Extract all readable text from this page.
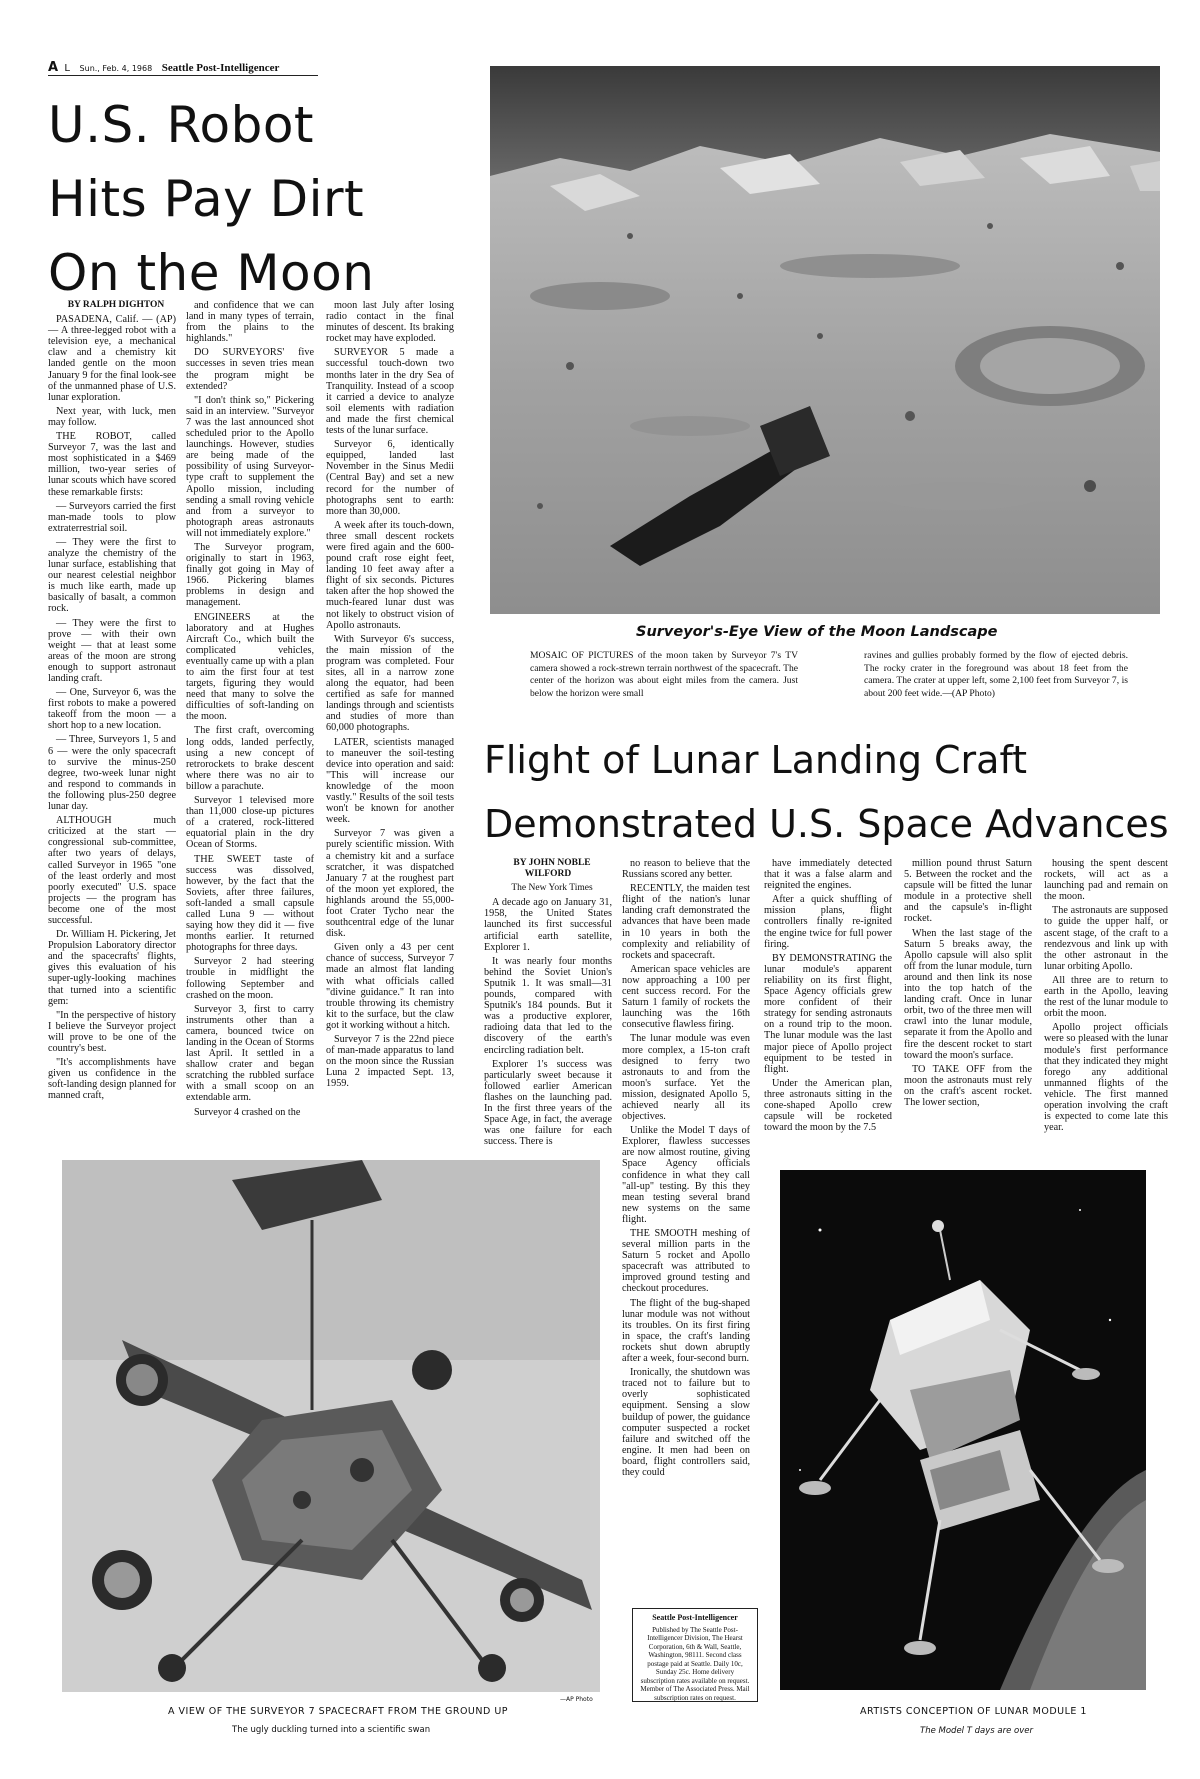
A L Sun., Feb. 4, 1968 Seattle Post-Intelligencer
U.S. Robot
Hits Pay Dirt
On the Moon

BY RALPH DIGHTON

PASADENA, Calif. — (AP) — A three-legged robot with a television eye, a mechanical claw and a chemistry kit landed gentle on the moon January 9 for the final look-see of the unmanned phase of U.S. lunar exploration.

Next year, with luck, men may follow.

THE ROBOT, called Surveyor 7, was the last and most sophisticated in a $469 million, two-year series of lunar scouts which have scored these remarkable firsts:

— Surveyors carried the first man-made tools to plow extraterrestrial soil.

— They were the first to analyze the chemistry of the lunar surface, establishing that our nearest celestial neighbor is much like earth, made up basically of basalt, a common rock.

— They were the first to prove — with their own weight — that at least some areas of the moon are strong enough to support astronaut landing craft.

— One, Surveyor 6, was the first robots to make a powered takeoff from the moon — a short hop to a new location.

— Three, Surveyors 1, 5 and 6 — were the only spacecraft to survive the minus-250 degree, two-week lunar night and respond to commands in the following plus-250 degree lunar day.

ALTHOUGH much criticized at the start — congressional sub-committee, after two years of delays, called Surveyor in 1965 "one of the least orderly and most poorly executed" U.S. space projects — the program has become one of the most successful.

Dr. William H. Pickering, Jet Propulsion Laboratory director and the spacecrafts' flights, gives this evaluation of his super-ugly-looking machines that turned into a scientific gem:

"In the perspective of history I believe the Surveyor project will prove to be one of the country's best.

"It's accomplishments have given us confidence in the soft-landing design planned for manned craft,

and confidence that we can land in many types of terrain, from the plains to the highlands."

DO SURVEYORS' five successes in seven tries mean the program might be extended?

"I don't think so," Pickering said in an interview. "Surveyor 7 was the last announced shot scheduled prior to the Apollo launchings. However, studies are being made of the possibility of using Surveyor-type craft to supplement the Apollo mission, including sending a small roving vehicle and from a surveyor to photograph areas astronauts will not immediately explore."

The Surveyor program, originally to start in 1963, finally got going in May of 1966. Pickering blames problems in design and management.

ENGINEERS at the laboratory and at Hughes Aircraft Co., which built the complicated vehicles, eventually came up with a plan to aim the first four at test targets, figuring they would need that many to solve the difficulties of soft-landing on the moon.

The first craft, overcoming long odds, landed perfectly, using a new concept of retrorockets to brake descent where there was no air to billow a parachute.

Surveyor 1 televised more than 11,000 close-up pictures of a cratered, rock-littered equatorial plain in the dry Ocean of Storms.

THE SWEET taste of success was dissolved, however, by the fact that the Soviets, after three failures, soft-landed a small capsule called Luna 9 — without saying how they did it — five months earlier. It returned photographs for three days.

Surveyor 2 had steering trouble in midflight the following September and crashed on the moon.

Surveyor 3, first to carry instruments other than a camera, bounced twice on landing in the Ocean of Storms last April. It settled in a shallow crater and began scratching the rubbled surface with a small scoop on an extendable arm.

Surveyor 4 crashed on the

moon last July after losing radio contact in the final minutes of descent. Its braking rocket may have exploded.

SURVEYOR 5 made a successful touch-down two months later in the dry Sea of Tranquility. Instead of a scoop it carried a device to analyze soil elements with radiation and made the first chemical tests of the lunar surface.

Surveyor 6, identically equipped, landed last November in the Sinus Medii (Central Bay) and set a new record for the number of photographs sent to earth: more than 30,000.

A week after its touch-down, three small descent rockets were fired again and the 600-pound craft rose eight feet, landing 10 feet away after a flight of six seconds. Pictures taken after the hop showed the much-feared lunar dust was not likely to obstruct vision of Apollo astronauts.

With Surveyor 6's success, the main mission of the program was completed. Four sites, all in a narrow zone along the equator, had been certified as safe for manned landings through and scientists and studies of more than 60,000 photographs.

LATER, scientists managed to maneuver the soil-testing device into operation and said: "This will increase our knowledge of the moon vastly." Results of the soil tests won't be known for another week.

Surveyor 7 was given a purely scientific mission. With a chemistry kit and a surface scratcher, it was dispatched January 7 at the roughest part of the moon yet explored, the highlands around the 55,000-foot Crater Tycho near the southcentral edge of the lunar disk.

Given only a 43 per cent chance of success, Surveyor 7 made an almost flat landing with what officials called "divine guidance." It ran into trouble throwing its chemistry kit to the surface, but the claw got it working without a hitch.

Surveyor 7 is the 22nd piece of man-made apparatus to land on the moon since the Russian Luna 2 impacted Sept. 13, 1959.

Surveyor's-Eye View of the Moon Landscape
MOSAIC OF PICTURES of the moon taken by Surveyor 7's TV camera showed a rock-strewn terrain northwest of the spacecraft. The center of the horizon was about eight miles from the camera. Just below the horizon were small
ravines and gullies probably formed by the flow of ejected debris. The rocky crater in the foreground was about 18 feet from the camera. The crater at upper left, some 2,100 feet from Surveyor 7, is about 200 feet wide.—(AP Photo)
Flight of Lunar Landing Craft
Demonstrated U.S. Space Advances

BY JOHN NOBLE WILFORD

The New York Times

A decade ago on January 31, 1958, the United States launched its first successful artificial earth satellite, Explorer 1.

It was nearly four months behind the Soviet Union's Sputnik 1. It was small—31 pounds, compared with Sputnik's 184 pounds. But it was a productive explorer, radioing data that led to the discovery of the earth's encircling radiation belt.

Explorer 1's success was particularly sweet because it followed earlier American flashes on the launching pad. In the first three years of the Space Age, in fact, the average was one failure for each success. There is

no reason to believe that the Russians scored any better.

RECENTLY, the maiden test flight of the nation's lunar landing craft demonstrated the advances that have been made in 10 years in both the complexity and reliability of rockets and spacecraft.

American space vehicles are now approaching a 100 per cent success record. For the Saturn 1 family of rockets the launching was the 16th consecutive flawless firing.

The lunar module was even more complex, a 15-ton craft designed to ferry two astronauts to and from the moon's surface. Yet the mission, designated Apollo 5, achieved nearly all its objectives.

Unlike the Model T days of Explorer, flawless successes are now almost routine, giving Space Agency officials confidence in what they call "all-up" testing. By this they mean testing several brand new systems on the same flight.

THE SMOOTH meshing of several million parts in the Saturn 5 rocket and Apollo spacecraft was attributed to improved ground testing and checkout procedures.

The flight of the bug-shaped lunar module was not without its troubles. On its first firing in space, the craft's landing rockets shut down abruptly after a week, four-second burn.

Ironically, the shutdown was traced not to failure but to overly sophisticated equipment. Sensing a slow buildup of power, the guidance computer suspected a rocket failure and switched off the engine. It men had been on board, flight controllers said, they could

have immediately detected that it was a false alarm and reignited the engines.

After a quick shuffling of mission plans, flight controllers finally re-ignited the engine twice for full power firing.

BY DEMONSTRATING the lunar module's apparent reliability on its first flight, Space Agency officials grew more confident of their strategy for sending astronauts on a round trip to the moon. The lunar module was the last major piece of Apollo project equipment to be tested in flight.

Under the American plan, three astronauts sitting in the cone-shaped Apollo crew capsule will be rocketed toward the moon by the 7.5

million pound thrust Saturn 5. Between the rocket and the capsule will be fitted the lunar module in a protective shell and the capsule's in-flight rocket.

When the last stage of the Saturn 5 breaks away, the Apollo capsule will also split off from the lunar module, turn around and then link its nose into the top hatch of the landing craft. Once in lunar orbit, two of the three men will crawl into the lunar module, separate it from the Apollo and fire the descent rocket to start toward the moon's surface.

TO TAKE OFF from the moon the astronauts must rely on the craft's ascent rocket. The lower section,

housing the spent descent rockets, will act as a launching pad and remain on the moon.

The astronauts are supposed to guide the upper half, or ascent stage, of the craft to a rendezvous and link up with the other astronaut in the lunar orbiting Apollo.

All three are to return to earth in the Apollo, leaving the rest of the lunar module to orbit the moon.

Apollo project officials were so pleased with the lunar module's first performance that they indicated they might forego any additional unmanned flights of the vehicle. The first manned operation involving the craft is expected to come late this year.

—AP Photo
A VIEW OF THE SURVEYOR 7 SPACECRAFT FROM THE GROUND UP
The ugly duckling turned into a scientific swan
ARTISTS CONCEPTION OF LUNAR MODULE 1
The Model T days are over
Seattle Post-Intelligencer
Published by The Seattle Post-Intelligencer Division, The Hearst Corporation, 6th & Wall, Seattle, Washington, 98111. Second class postage paid at Seattle. Daily 10c, Sunday 25c. Home delivery subscription rates available on request. Member of The Associated Press. Mail subscription rates on request.
